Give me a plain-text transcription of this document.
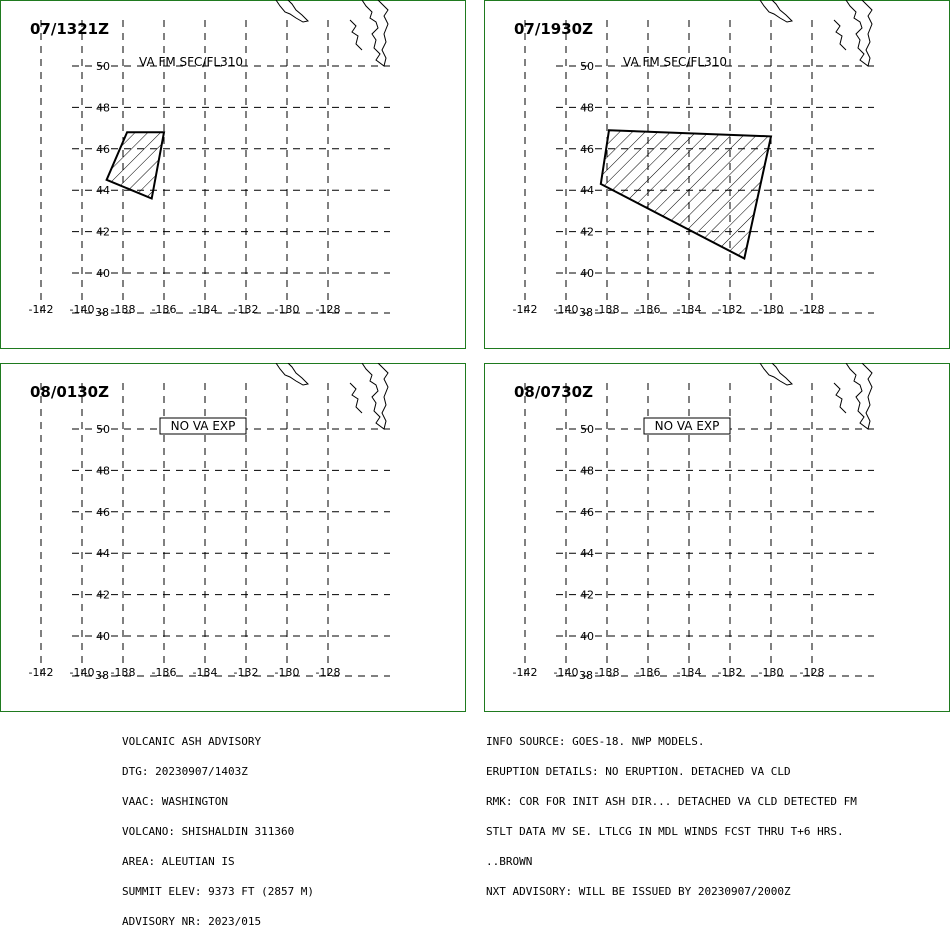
50
48
46
44
42
40
38
-142 -140 -138 -136 -134 -132 -130 -128
VA FM SFC/FL310
07/1321Z
50
48
46
44
42
40
38
-142 -140 -138 -136 -134 -132 -130 -128
VA FM SFC/FL310
07/1930Z
50
48
46
44
42
40
38
-142 -140 -138 -136 -134 -132 -130 -128
NO VA EXP
08/0130Z
50
48
46
44
42
40
38
-142 -140 -138 -136 -134 -132 -130 -128
NO VA EXP
08/0730Z

VOLCANIC ASH ADVISORY

DTG: 20230907/1403Z

VAAC: WASHINGTON

VOLCANO: SHISHALDIN 311360

AREA: ALEUTIAN IS

SUMMIT ELEV: 9373 FT (2857 M)

ADVISORY NR: 2023/015

INFO SOURCE: GOES-18. NWP MODELS.

ERUPTION DETAILS: NO ERUPTION. DETACHED VA CLD

RMK: COR FOR INIT ASH DIR... DETACHED VA CLD DETECTED FM

STLT DATA MV SE. LTLCG IN MDL WINDS FCST THRU T+6 HRS.

..BROWN

NXT ADVISORY: WILL BE ISSUED BY 20230907/2000Z
